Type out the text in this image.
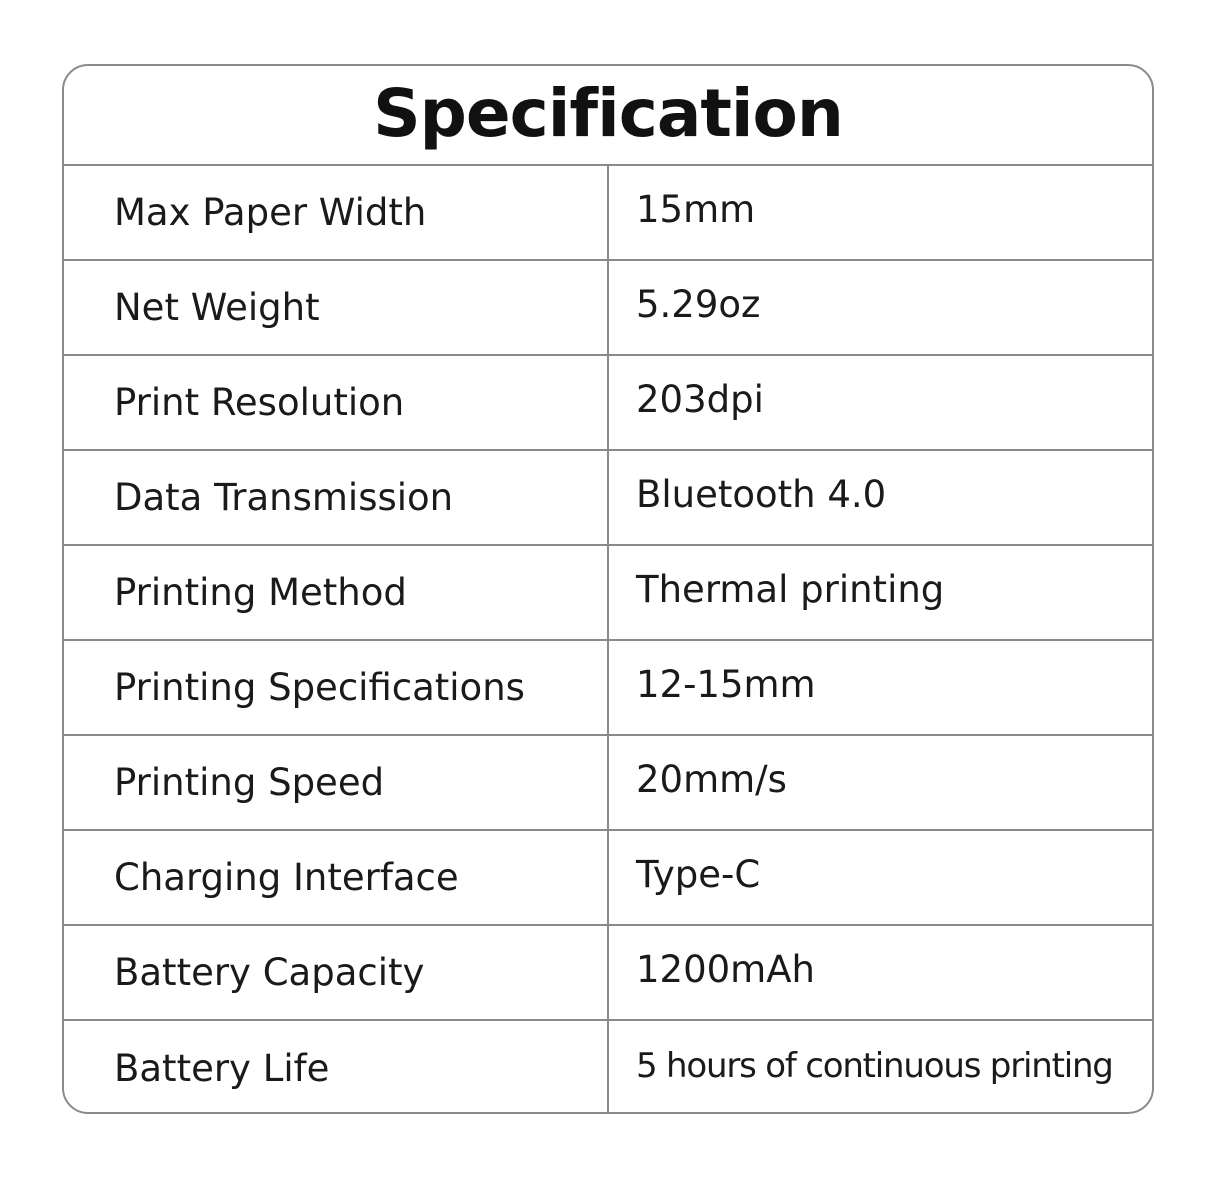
Specification
Max Paper Width	15mm
Net Weight	5.29oz
Print Resolution	203dpi
Data Transmission	Bluetooth 4.0
Printing Method	Thermal printing
Printing Specifications	12-15mm
Printing Speed	20mm/s
Charging Interface	Type-C
Battery Capacity	1200mAh
Battery Life	5 hours of continuous printing
